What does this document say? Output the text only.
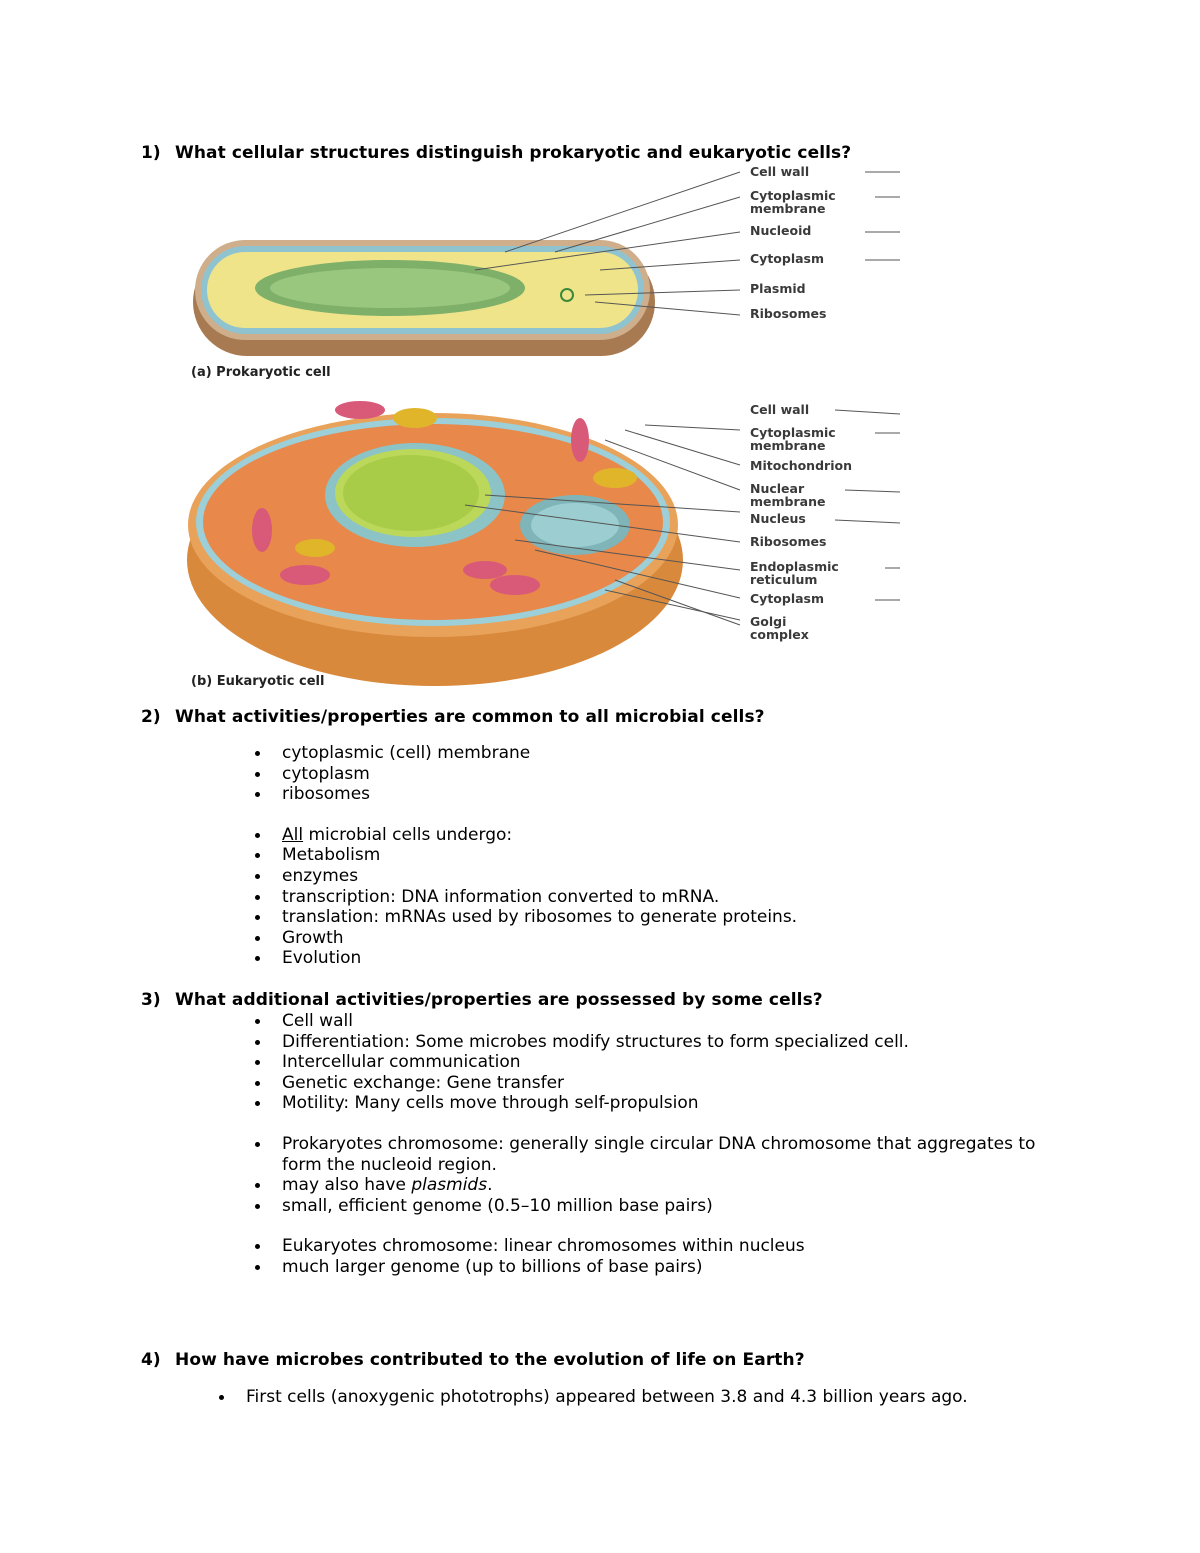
1) What cellular structures distinguish prokaryotic and eukaryotic cells?
Cell wall
Cytoplasmic
membrane
Nucleoid
Cytoplasm
Plasmid
Ribosomes
(a) Prokaryotic cell
Cell wall
Cytoplasmic
membrane
Mitochondrion
Nuclear
membrane
Nucleus
Ribosomes
Endoplasmic
reticulum
Cytoplasm
Golgi
complex
(b) Eukaryotic cell
2) What activities/properties are common to all microbial cells?
cytoplasmic (cell) membrane
cytoplasm
ribosomes
All microbial cells undergo:
Metabolism
enzymes
transcription: DNA information converted to mRNA.
translation: mRNAs used by ribosomes to generate proteins.
Growth
Evolution
3) What additional activities/properties are possessed by some cells?
Cell wall
Differentiation: Some microbes modify structures to form specialized cell.
Intercellular communication
Genetic exchange: Gene transfer
Motility: Many cells move through self-propulsion
Prokaryotes chromosome: generally single circular DNA chromosome that aggregates to form the nucleoid region.
may also have plasmids.
small, efficient genome (0.5–10 million base pairs)
Eukaryotes chromosome: linear chromosomes within nucleus
much larger genome (up to billions of base pairs)
4) How have microbes contributed to the evolution of life on Earth?
First cells (anoxygenic phototrophs) appeared between 3.8 and 4.3 billion years ago.
